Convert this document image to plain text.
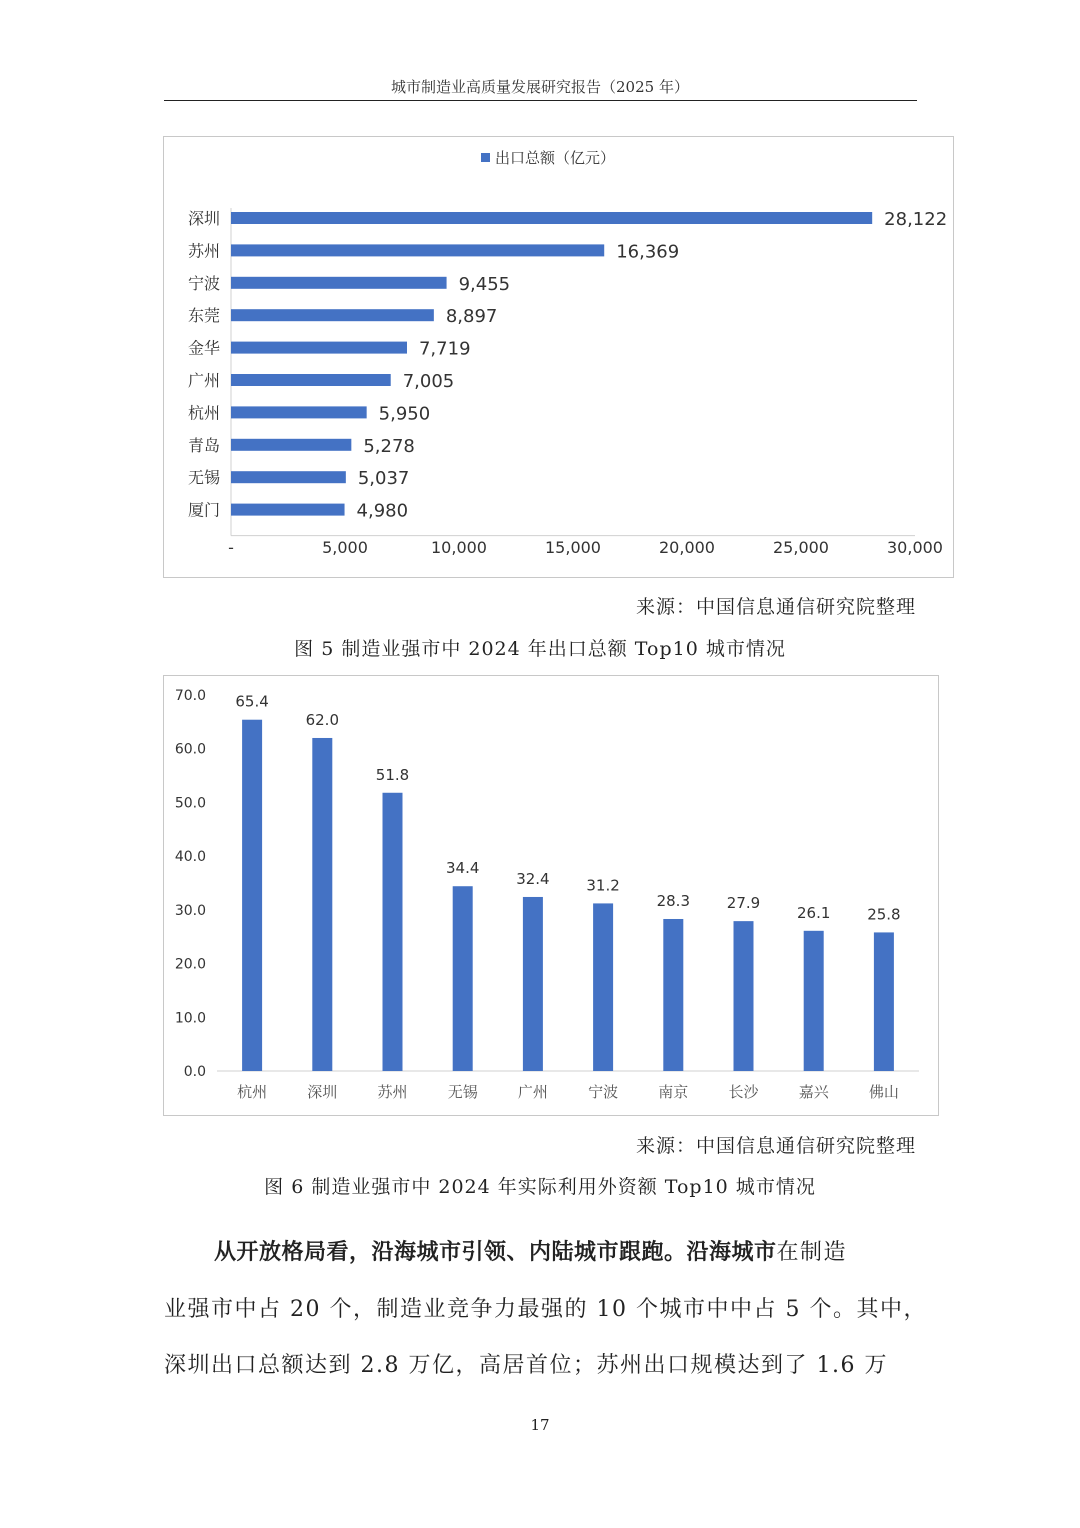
城市制造业高质量发展研究报告（2025 年）
出口总额（亿元）
深圳	28,122
苏州	16,369
宁波	9,455
东莞	8,897
金华	7,719
广州	7,005
杭州	5,950
青岛	5,278
无锡	5,037
厦门	4,980
-	5,000	10,000	15,000	20,000	25,000	30,000
来源：中国信息通信研究院整理
图 5 制造业强市中 2024 年出口总额 Top10 城市情况
0.0
10.0
20.0
30.0
40.0
50.0
60.0
70.0 65.4
杭州
62.0
深圳
51.8
苏州
34.4
无锡
32.4
广州
31.2
宁波
28.3
南京
27.9
长沙
26.1
嘉兴
25.8
佛山
来源：中国信息通信研究院整理
图 6 制造业强市中 2024 年实际利用外资额 Top10 城市情况
从开放格局看，沿海城市引领、内陆城市跟跑。沿海城市在制造
业强市中占 20 个，制造业竞争力最强的 10 个城市中中占 5 个。其中，
深圳出口总额达到 2.8 万亿，高居首位；苏州出口规模达到了 1.6 万
17
